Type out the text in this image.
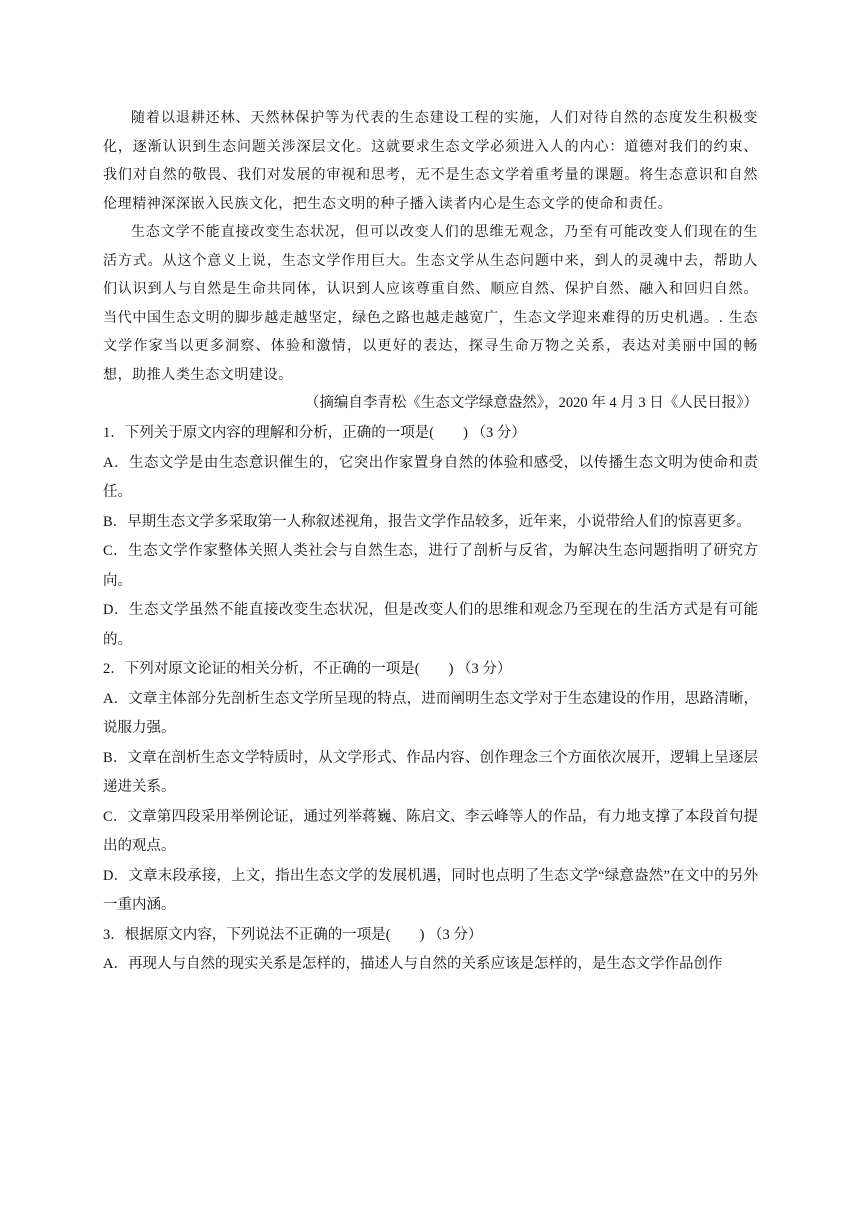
随着以退耕还林、天然林保护等为代表的生态建设工程的实施，人们对待自然的态度发生积极变化，逐渐认识到生态问题关涉深层文化。这就要求生态文学必须进入人的内心：道德对我们的约束、我们对自然的敬畏、我们对发展的审视和思考，无不是生态文学着重考量的课题。将生态意识和自然伦理精神深深嵌入民族文化，把生态文明的种子播入读者内心是生态文学的使命和责任。

生态文学不能直接改变生态状况，但可以改变人们的思维无观念，乃至有可能改变人们现在的生活方式。从这个意义上说，生态文学作用巨大。生态文学从生态问题中来，到人的灵魂中去，帮助人们认识到人与自然是生命共同体，认识到人应该尊重自然、顺应自然、保护自然、融入和回归自然。当代中国生态文明的脚步越走越坚定，绿色之路也越走越宽广，生态文学迎来难得的历史机遇。. 生态文学作家当以更多洞察、体验和激情，以更好的表达，探寻生命万物之关系，表达对美丽中国的畅想，助推人类生态文明建设。

（摘编自李青松《生态文学绿意盎然》，2020 年 4 月 3 日《人民日报》）

1．下列关于原文内容的理解和分析，正确的一项是(　　) （3 分）

A．生态文学是由生态意识催生的，它突出作家置身自然的体验和感受，以传播生态文明为使命和责任。

B．早期生态文学多采取第一人称叙述视角，报告文学作品较多，近年来，小说带给人们的惊喜更多。

C．生态文学作家整体关照人类社会与自然生态，进行了剖析与反省，为解决生态问题指明了研究方向。

D．生态文学虽然不能直接改变生态状况，但是改变人们的思维和观念乃至现在的生活方式是有可能的。

2．下列对原文论证的相关分析，不正确的一项是(　　) （3 分）

A．文章主体部分先剖析生态文学所呈现的特点，进而阐明生态文学对于生态建设的作用，思路清晰，说服力强。

B．文章在剖析生态文学特质时，从文学形式、作品内容、创作理念三个方面依次展开，逻辑上呈逐层递进关系。

C．文章第四段采用举例论证，通过列举蒋巍、陈启文、李云峰等人的作品，有力地支撑了本段首句提出的观点。

D．文章末段承接，上文，指出生态文学的发展机遇，同时也点明了生态文学“绿意盎然”在文中的另外一重内涵。

3．根据原文内容，下列说法不正确的一项是(　　) （3 分）

A．再现人与自然的现实关系是怎样的，描述人与自然的关系应该是怎样的，是生态文学作品创作
